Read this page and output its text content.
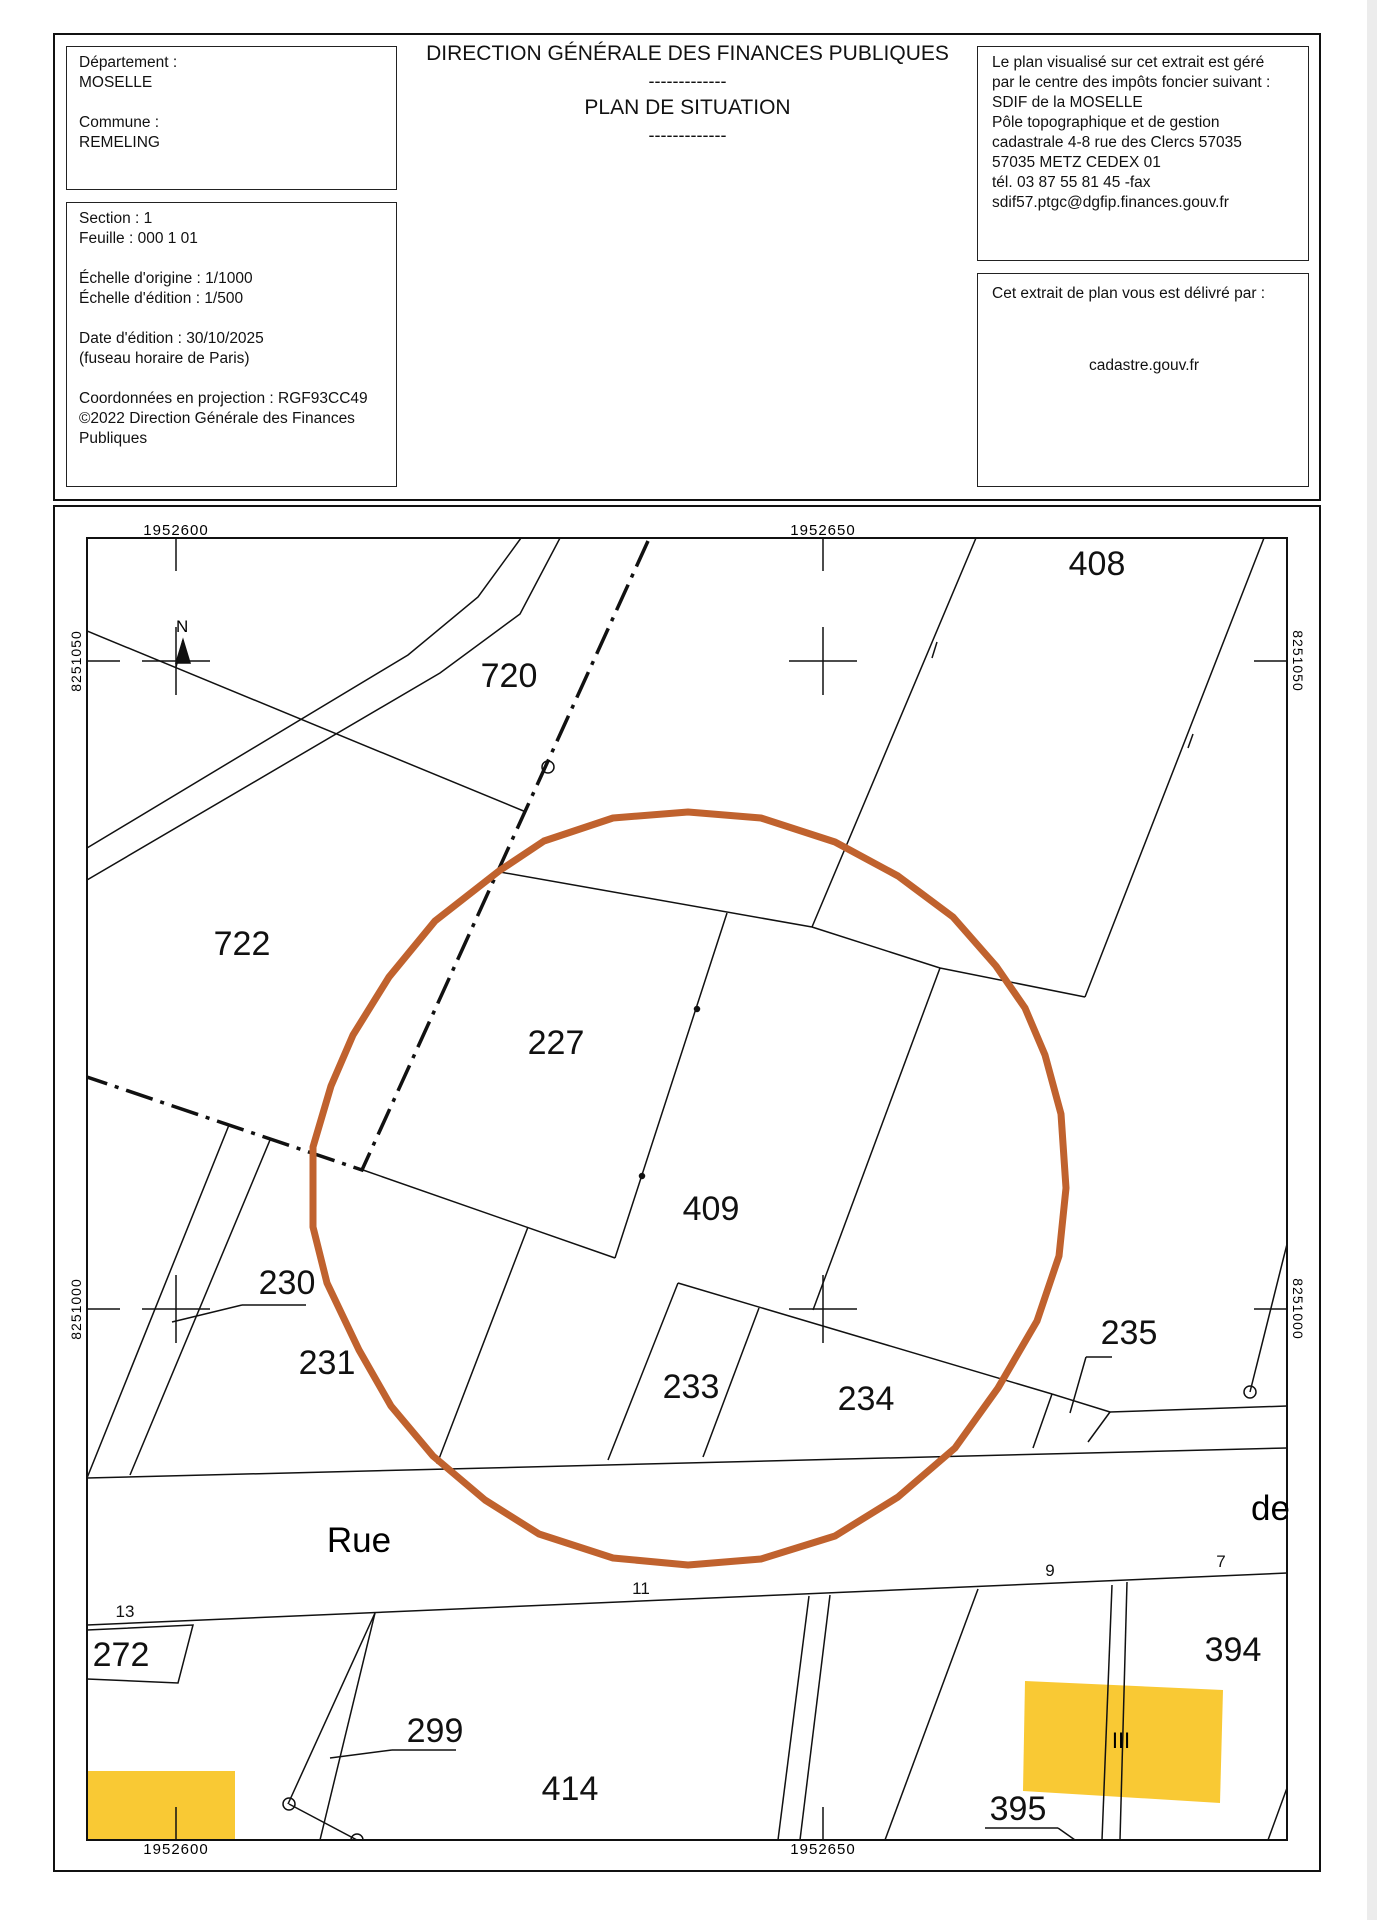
Département :
MOSELLE
Commune :
REMELING
Section : 1
Feuille : 000 1 01
Échelle d'origine : 1/1000
Échelle d'édition : 1/500
Date d'édition : 30/10/2025
(fuseau horaire de Paris)
Coordonnées en projection : RGF93CC49
©2022 Direction Générale des Finances
Publiques
DIRECTION GÉNÉRALE DES FINANCES PUBLIQUES
-------------
PLAN DE SITUATION
-------------
Le plan visualisé sur cet extrait est géré
par le centre des impôts foncier suivant :
SDIF de la MOSELLE
Pôle topographique et de gestion
cadastrale 4-8 rue des Clercs 57035
57035 METZ CEDEX 01
tél. 03 87 55 81 45 -fax
sdif57.ptgc@dgfip.finances.gouv.fr
Cet extrait de plan vous est délivré par :
cadastre.gouv.fr
N
1952600	1952650
1952600	1952650
8251050
8251000
8251050
8251000
408
720
722
227
409
230
231
233	234
235
272
299
414
394
395
Rue
de
13
11
9	7
III
